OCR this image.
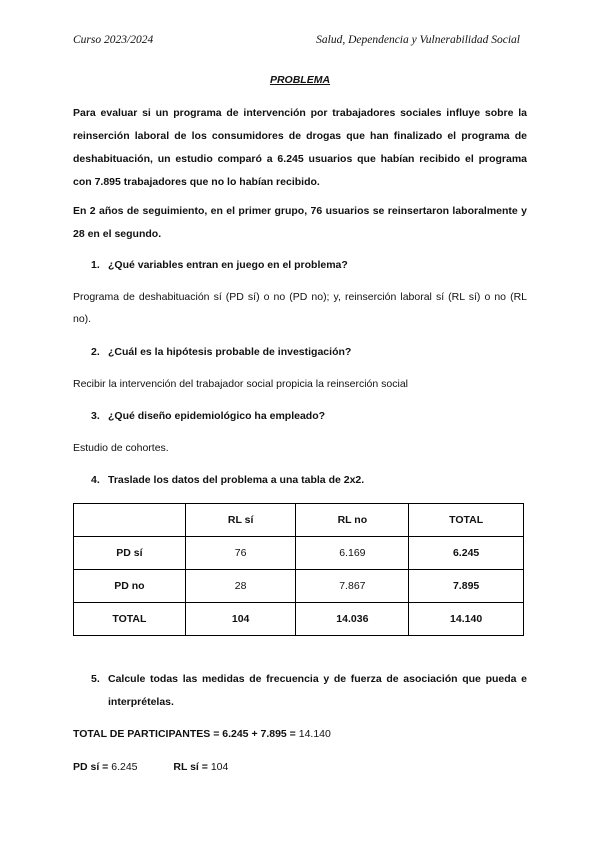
Curso 2023/2024	Salud, Dependencia y Vulnerabilidad Social
PROBLEMA
Para evaluar si un programa de intervención por trabajadores sociales influye sobre la reinserción laboral de los consumidores de drogas que han finalizado el programa de deshabituación, un estudio comparó a 6.245 usuarios que habían recibido el programa con 7.895 trabajadores que no lo habían recibido.
En 2 años de seguimiento, en el primer grupo, 76 usuarios se reinsertaron laboralmente y 28 en el segundo.
1. ¿Qué variables entran en juego en el problema?
Programa de deshabituación sí (PD sí) o no (PD no); y, reinserción laboral sí (RL sí) o no (RL no).
2. ¿Cuál es la hipótesis probable de investigación?
Recibir la intervención del trabajador social propicia la reinserción social
3. ¿Qué diseño epidemiológico ha empleado?
Estudio de cohortes.
4. Traslade los datos del problema a una tabla de 2x2.
	RL sí	RL no	TOTAL
PD sí	76	6.169	6.245
PD no	28	7.867	7.895
TOTAL	104	14.036	14.140
5. Calcule todas las medidas de frecuencia y de fuerza de asociación que pueda e interprételas.
TOTAL DE PARTICIPANTES = 6.245 + 7.895 = 14.140
PD sí = 6.245	RL sí = 104
